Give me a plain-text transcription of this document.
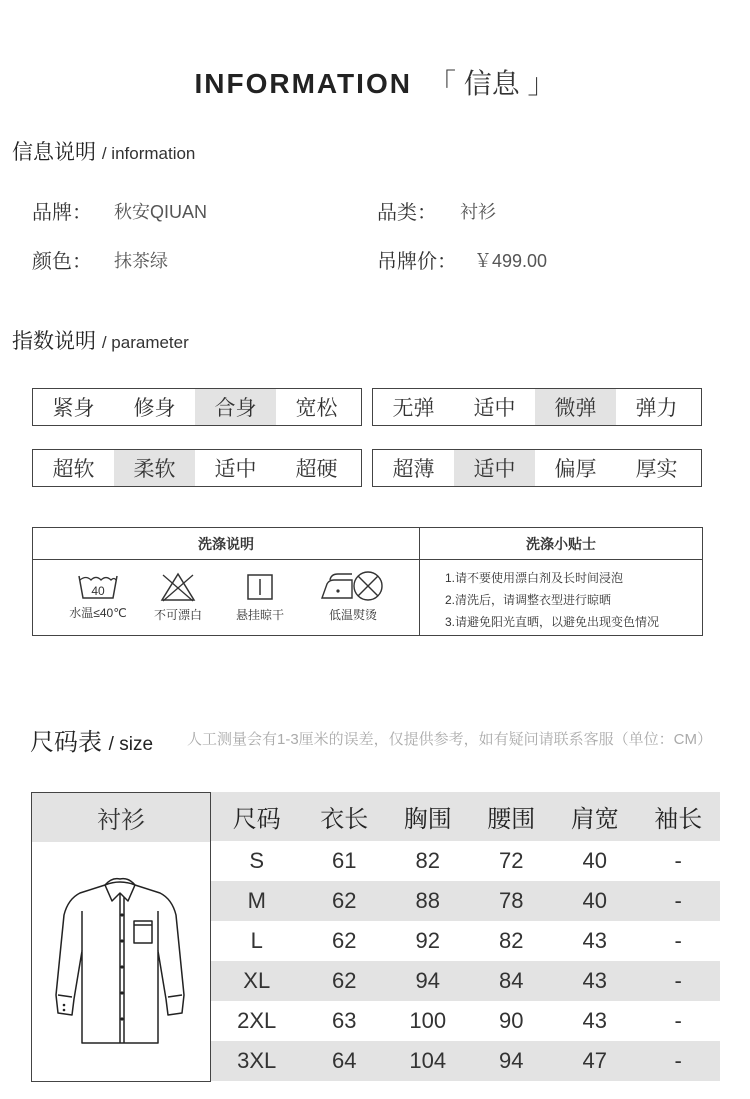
INFORMATION 「 信息 」
信息说明 / information
品牌： 秋安QIUAN	品类： 衬衫
颜色： 抹茶绿	吊牌价： ￥499.00
指数说明 / parameter
紧身	修身	合身	宽松	无弹	适中	微弹	弹力
超软	柔软	适中	超硬	超薄	适中	偏厚	厚实
洗涤说明	洗涤小贴士
40
水温≤40℃ 不可漂白	悬挂晾干	低温熨烫
1.请不要使用漂白剂及长时间浸泡
2.清洗后，请调整衣型进行晾晒
3.请避免阳光直晒，以避免出现变色情况
尺码表 / size 人工测量会有1-3厘米的误差，仅提供参考，如有疑问请联系客服（单位：CM）
衬衫	尺码	衣长	胸围	腰围	肩宽	袖长
S	61	82	72	40	-
M	62	88	78	40	-
L	62	92	82	43	-
XL	62	94	84	43	-
2XL	63	100	90	43	-
3XL	64	104	94	47	-
